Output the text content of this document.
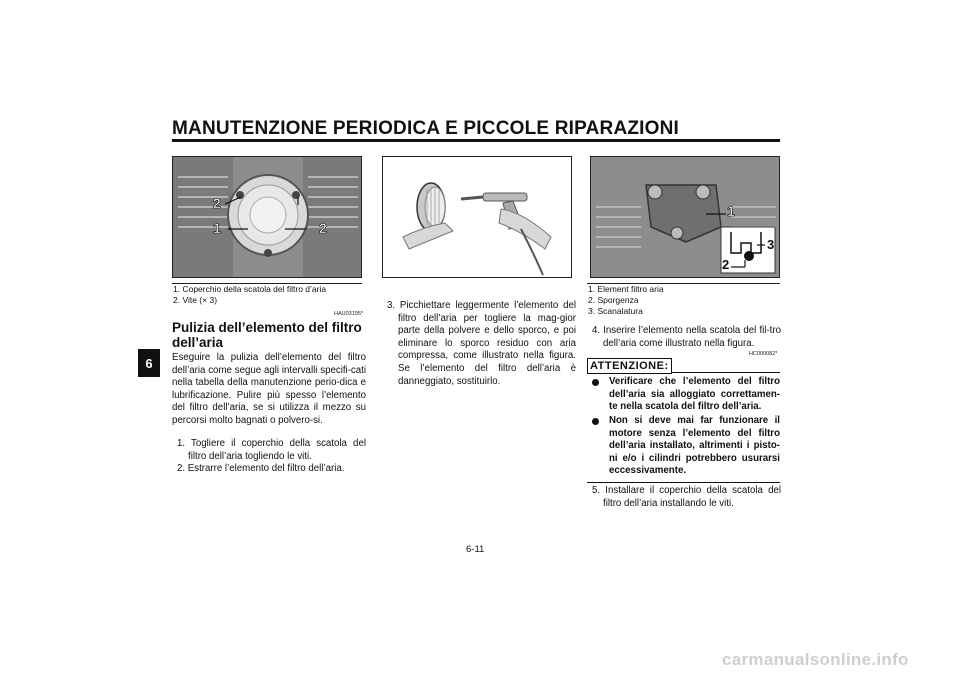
MANUTENZIONE PERIODICA E PICCOLE RIPARAZIONI
6
2
1	2
1
3
2
1. Coperchio della scatola del filtro d’aria
2. Vite (× 3)
1. Element filtro aria
2. Sporgenza
3. Scanalatura
HAU03195*
Pulizia dell’elemento del filtro dell’aria

Eseguire la pulizia dell’elemento del filtro dell’aria come segue agli intervalli specifi-cati nella tabella della manutenzione perio-dica e lubrificazione. Pulire più spesso l’elemento del filtro dell’aria, se si utilizza il mezzo su percorsi molto bagnati o polvero-si.

1. Togliere il coperchio della scatola del filtro dell’aria togliendo le viti.

2. Estrarre l’elemento del filtro dell’aria.

3. Picchiettare leggermente l’elemento del filtro dell’aria per togliere la mag-gior parte della polvere e dello sporco, e poi eliminare lo sporco residuo con aria compressa, come illustrato nella figura. Se l’elemento del filtro dell’aria è danneggiato, sostituirlo.

4. Inserire l’elemento nella scatola del fil-tro dell’aria come illustrato nella figura.

HC000082*
ATTENZIONE:
Verificare che l’elemento del filtro dell’aria sia alloggiato correttamen-te nella scatola del filtro dell’aria.
Non si deve mai far funzionare il motore senza l’elemento del filtro dell’aria installato, altrimenti i pisto-ni e/o i cilindri potrebbero usurarsi eccessivamente.

5. Installare il coperchio della scatola del filtro dell’aria installando le viti.

6-11
carmanualsonline.info
